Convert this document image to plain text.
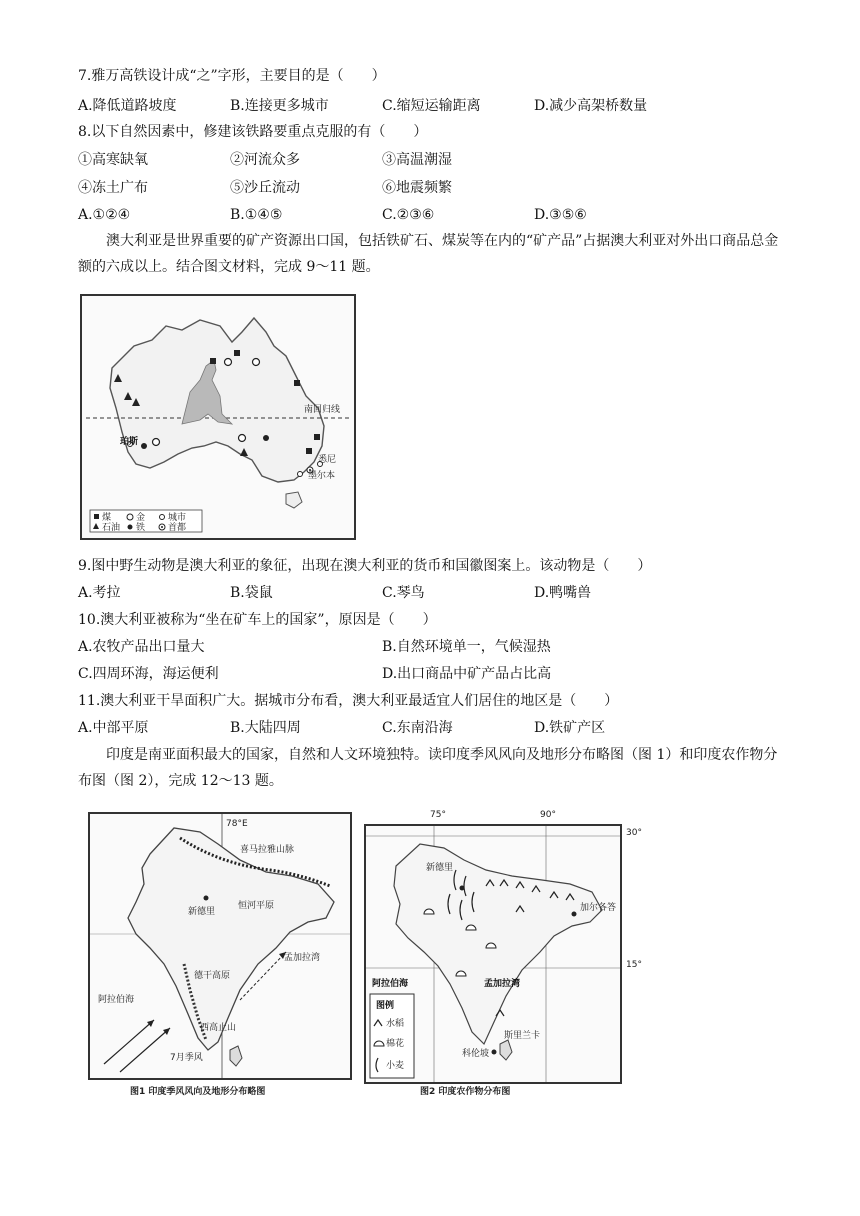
7.雅万高铁设计成“之”字形，主要目的是（　　）
A.降低道路坡度	B.连接更多城市	C.缩短运输距离	D.减少高架桥数量
8.以下自然因素中，修建该铁路要重点克服的有（　　）
①高寒缺氧	②河流众多	③高温潮湿
④冻土广布	⑤沙丘流动	⑥地震频繁
A.①②④	B.①④⑤	C.②③⑥	D.③⑤⑥
澳大利亚是世界重要的矿产资源出口国，包括铁矿石、煤炭等在内的“矿产品”占据澳大利亚对外出口商品总金额的六成以上。结合图文材料，完成 9～11 题。
南回归线
珀斯
悉尼
墨尔本
煤	金	城市
石油 铁	首都
9.图中野生动物是澳大利亚的象征，出现在澳大利亚的货币和国徽图案上。该动物是（　　）
A.考拉	B.袋鼠	C.琴鸟	D.鸭嘴兽
10.澳大利亚被称为“坐在矿车上的国家”，原因是（　　）
A.农牧产品出口量大	B.自然环境单一，气候湿热
C.四周环海，海运便利	D.出口商品中矿产品占比高
11.澳大利亚干旱面积广大。据城市分布看，澳大利亚最适宜人们居住的地区是（　　）
A.中部平原	B.大陆四周	C.东南沿海	D.铁矿产区
印度是南亚面积最大的国家，自然和人文环境独特。读印度季风风向及地形分布略图（图 1）和印度农作物分布图（图 2），完成 12～13 题。
78°E
喜马拉雅山脉
新德里
恒河平原
孟加拉湾
阿拉伯海
德干高原
西高止山
7月季风
图1 印度季风风向及地形分布略图
新德里
加尔各答
阿拉伯海	孟加拉湾
斯里兰卡
科伦坡
图例
水稻
棉花
小麦
75°	90°
30°
15°
图2 印度农作物分布图
